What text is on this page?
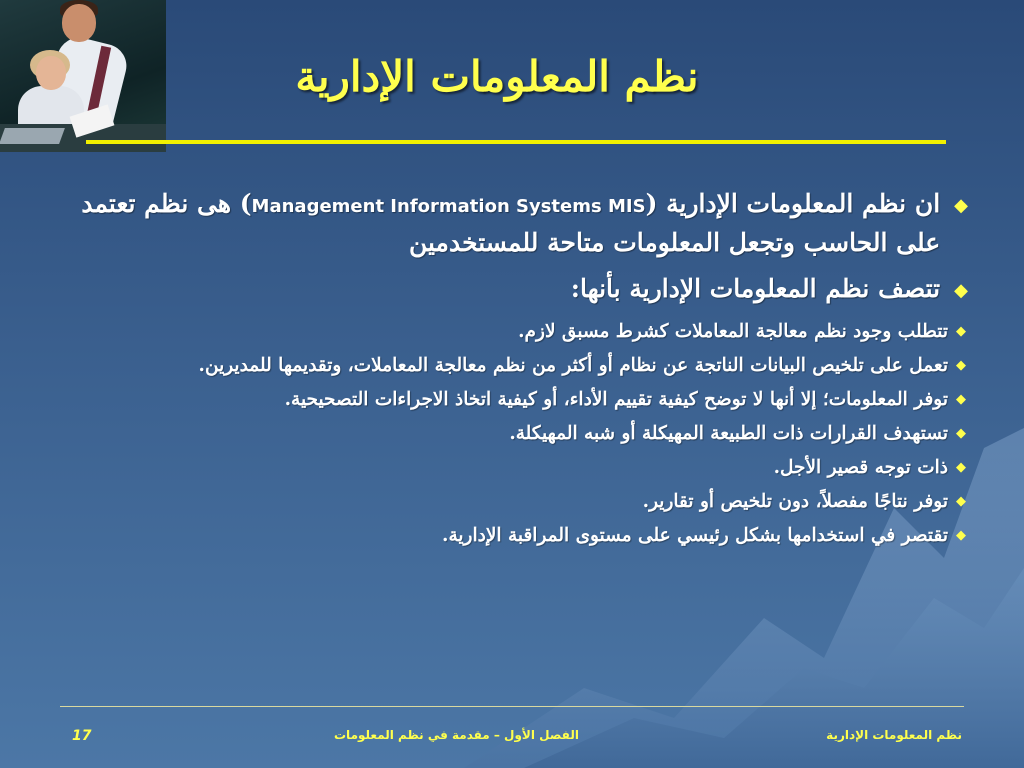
نظم المعلومات الإدارية
◆
ان نظم المعلومات الإدارية (Management Information Systems MIS) هى نظم تعتمد على الحاسب وتجعل المعلومات متاحة للمستخدمين
◆
تتصف نظم المعلومات الإدارية بأنها:
◆
تتطلب وجود نظم معالجة المعاملات كشرط مسبق لازم.
◆
تعمل على تلخيص البيانات الناتجة عن نظام أو أكثر من نظم معالجة المعاملات، وتقديمها للمديرين.
◆
توفر المعلومات؛ إلا أنها لا توضح كيفية تقييم الأداء، أو كيفية اتخاذ الاجراءات التصحيحية.
◆
تستهدف القرارات ذات الطبيعة المهيكلة أو شبه المهيكلة.
◆
ذات توجه قصير الأجل.
◆
توفر نتاجًا مفصلاً، دون تلخيص أو تقارير.
◆
تقتصر في استخدامها بشكل رئيسي على مستوى المراقبة الإدارية.
نظم المعلومات الإدارية
الفصل الأول – مقدمة في نظم المعلومات
17
